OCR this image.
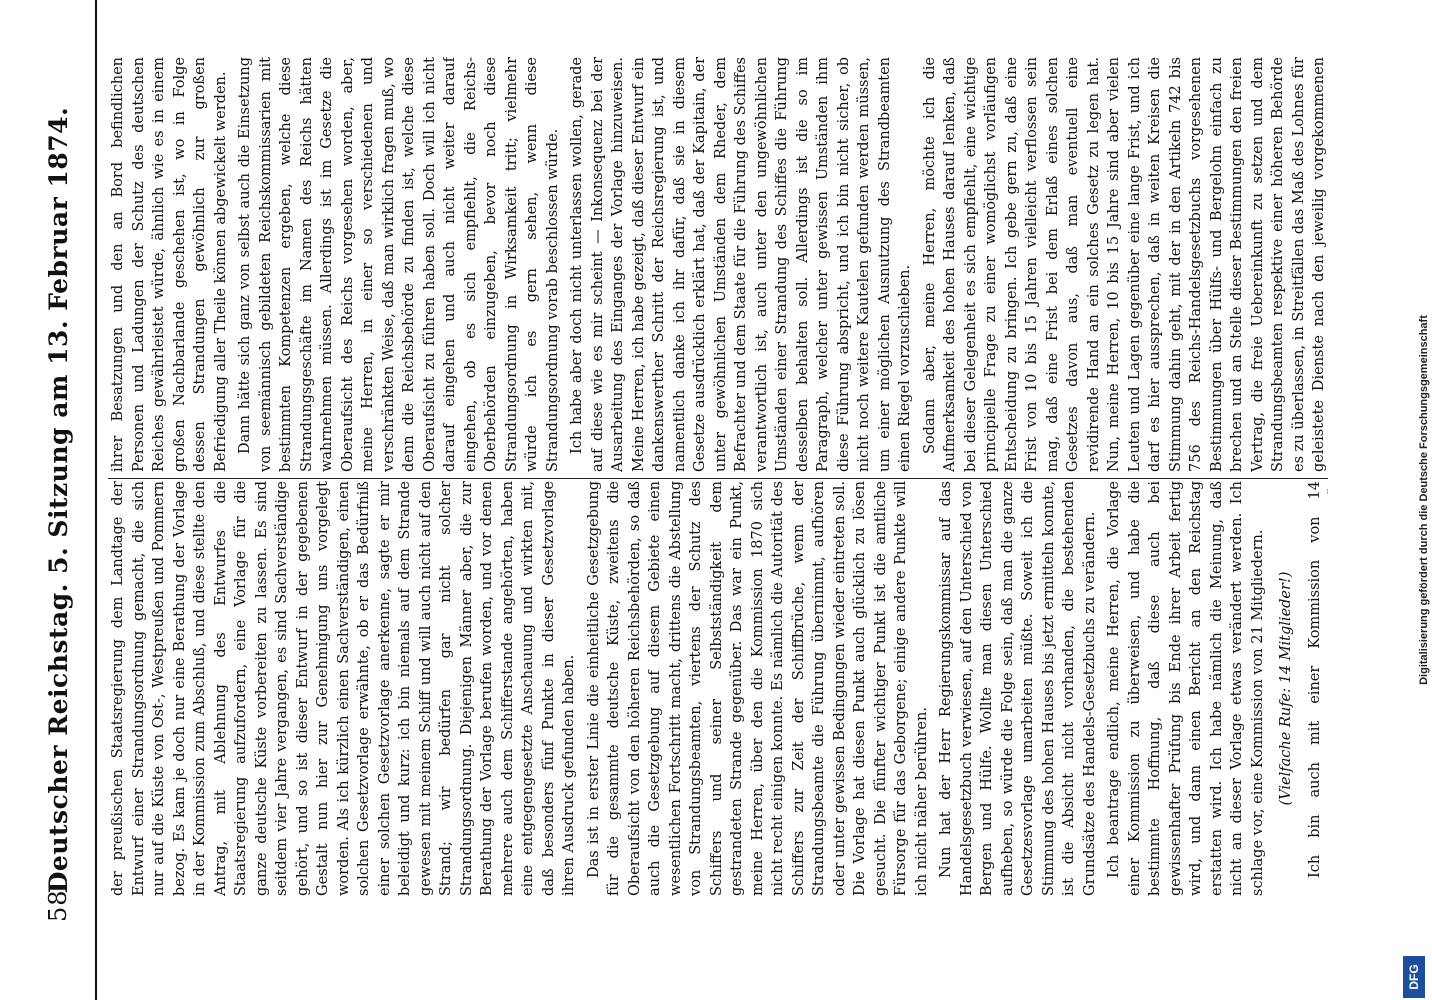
58
Deutscher Reichstag. 5. Sitzung am 13. Februar 1874.	der preußischen Staatsregierung dem Landtage der Entwurf einer Strandungsordnung gemacht, die sich nur auf die Küste von Ost-, Westpreußen und Pommern bezog. Es kam je doch nur eine Berathung der Vorlage in der Kommission zum Abschluß, und diese stellte den Antrag, mit Ablehnung des Entwurfes die Staatsregierung aufzufordern, eine Vorlage für die ganze deutsche Küste vorbereiten zu lassen. Es sind seitdem vier Jahre vergangen, es sind Sachverständige gehört, und so ist dieser Entwurf in der gegebenen Gestalt nun hier zur Genehmigung uns vorgelegt worden. Als ich kürzlich einen Sachverständigen, einen solchen Gesetzvorlage erwähnte, ob er das Bedürfniß einer solchen Gesetzvorlage anerkenne, sagte er mir beleidigt und kurz: ich bin niemals auf dem Strande gewesen mit meinem Schiff und will auch nicht auf den Strand; wir bedürfen gar nicht solcher Strandungsordnung. Diejenigen Männer aber, die zur Berathung der Vorlage berufen worden, und vor denen mehrere auch dem Schifferstande angehörten, haben eine entgegengesetzte Anschauung und wirkten mit, daß besonders fünf Punkte in dieser Gesetzvorlage ihren Ausdruck gefunden haben. Das ist in erster Linie die einheitliche Gesetzgebung für die gesammte deutsche Küste, zweitens die Oberaufsicht von den höheren Reichsbehörden, so daß auch die Gesetzgebung auf diesem Gebiete einen wesentlichen Fortschritt macht, drittens die Abstellung von Strandungsbeamten, viertens der Schutz des Schiffers und seiner Selbstständigkeit dem gestrandeten Strande gegenüber. Das war ein Punkt, meine Herren, über den die Kommission 1870 sich nicht recht einigen konnte. Es nämlich die Autorität des Schiffers zur Zeit der Schiffbrüche, wenn der Strandungsbeamte die Führung übernimmt, aufhören oder unter gewissen Bedingungen wieder eintreten soll. Die Vorlage hat diesen Punkt auch glücklich zu lösen gesucht. Die fünfter wichtiger Punkt ist die amtliche Fürsorge für das Geborgene; einige andere Punkte will ich nicht näher berühren. Nun hat der Herr Regierungskommissar auf das Handelsgesetzbuch verwiesen, auf den Unterschied von Bergen und Hülfe. Wollte man diesen Unterschied aufheben, so würde die Folge sein, daß man die ganze Gesetzesvorlage umarbeiten müßte. Soweit ich die Stimmung des hohen Hauses bis jetzt ermitteln konnte, ist die Absicht nicht vorhanden, die bestehenden Grundsätze des Handels-Gesetzbuchs zu verändern. Ich beantrage endlich, meine Herren, die Vorlage einer Kommission zu überweisen, und habe die bestimmte Hoffnung, daß diese auch bei gewissenhafter Prüfung bis Ende ihrer Arbeit fertig wird, und dann einen Bericht an den Reichstag erstatten wird. Ich habe nämlich die Meinung, daß nicht an dieser Vorlage etwas verändert werden. Ich schlage vor, eine Kommission von 21 Mitgliedern. (Vielfache Rufe: 14 Mitglieder!)

Ich bin auch mit einer Kommission von 14

ihrer Besatzungen und den an Bord befindlichen Personen und Ladungen der Schutz des deutschen Reiches gewährleistet würde, ähnlich wie es in einem großen Nachbarlande geschehen ist, wo in Folge dessen Strandungen gewöhnlich zur großen Befriedigung aller Theile können abgewickelt werden. Dann hätte sich ganz von selbst auch die Einsetzung von seemännisch gebildeten Reichskommissarien mit bestimmten Kompetenzen ergeben, welche diese Strandungsgeschäfte im Namen des Reichs hätten wahrnehmen müssen. Allerdings ist im Gesetze die Oberaufsicht des Reichs vorgesehen worden, aber, meine Herren, in einer so verschiedenen und verschränkten Weise, daß man wirklich fragen muß, wo denn die Reichsbehörde zu finden ist, welche diese Oberaufsicht zu führen haben soll. Doch will ich nicht darauf eingehen und auch nicht weiter darauf eingehen, ob es sich empfiehlt, die Reichs-Oberbehörden einzugeben, bevor noch diese Strandungsordnung in Wirksamkeit tritt; vielmehr würde ich es gern sehen, wenn diese Strandungsordnung vorab beschlossen würde. Ich habe aber doch nicht unterlassen wollen, gerade auf diese wie es mir scheint — Inkonsequenz bei der Ausarbeitung des Einganges der Vorlage hinzuweisen. Meine Herren, ich habe gezeigt, daß dieser Entwurf ein dankenswerther Schritt der Reichsregierung ist, und namentlich danke ich ihr dafür, daß sie in diesem Gesetze ausdrücklich erklärt hat, daß der Kapitain, der unter gewöhnlichen Umständen dem Rheder, dem Befrachter und dem Staate für die Führung des Schiffes verantwortlich ist, auch unter den ungewöhnlichen Umständen einer Strandung des Schiffes die Führung desselben behalten soll. Allerdings ist die so im Paragraph, welcher unter gewissen Umständen ihm diese Führung abspricht, und ich bin nicht sicher, ob nicht noch weitere Kautelen gefunden werden müssen, um einer möglichen Ausnutzung des Strandbeamten einen Riegel vorzuschieben. Sodann aber, meine Herren, möchte ich die Aufmerksamkeit des hohen Hauses darauf lenken, daß bei dieser Gelegenheit es sich empfiehlt, eine wichtige principielle Frage zu einer womöglichst vorläufigen Entscheidung zu bringen. Ich gebe gern zu, daß eine Frist von 10 bis 15 Jahren vielleicht verflossen sein mag, daß eine Frist bei dem Erlaß eines solchen Gesetzes davon aus, daß man eventuell eine revidirende Hand an ein solches Gesetz zu legen hat. Nun, meine Herren, 10 bis 15 Jahre sind aber vielen Leuten und Lagen gegenüber eine lange Frist, und ich darf es hier aussprechen, daß in weiten Kreisen die Stimmung dahin geht, mit der in den Artikeln 742 bis 756 des Reichs-Handelsgesetzbuchs vorgesehenen Bestimmungen über Hülfs- und Bergelohn einfach zu brechen und an Stelle dieser Bestimmungen den freien Vertrag, die freie Uebereinkunft zu setzen und dem Strandungsbeamten respektive einer höheren Behörde es zu überlassen, in Streitfällen das Maß des Lohnes für geleistete Dienste nach den jeweilig vorgekommenen

DFG
Digitalisierung gefördert durch die Deutsche Forschungsgemeinschaft
